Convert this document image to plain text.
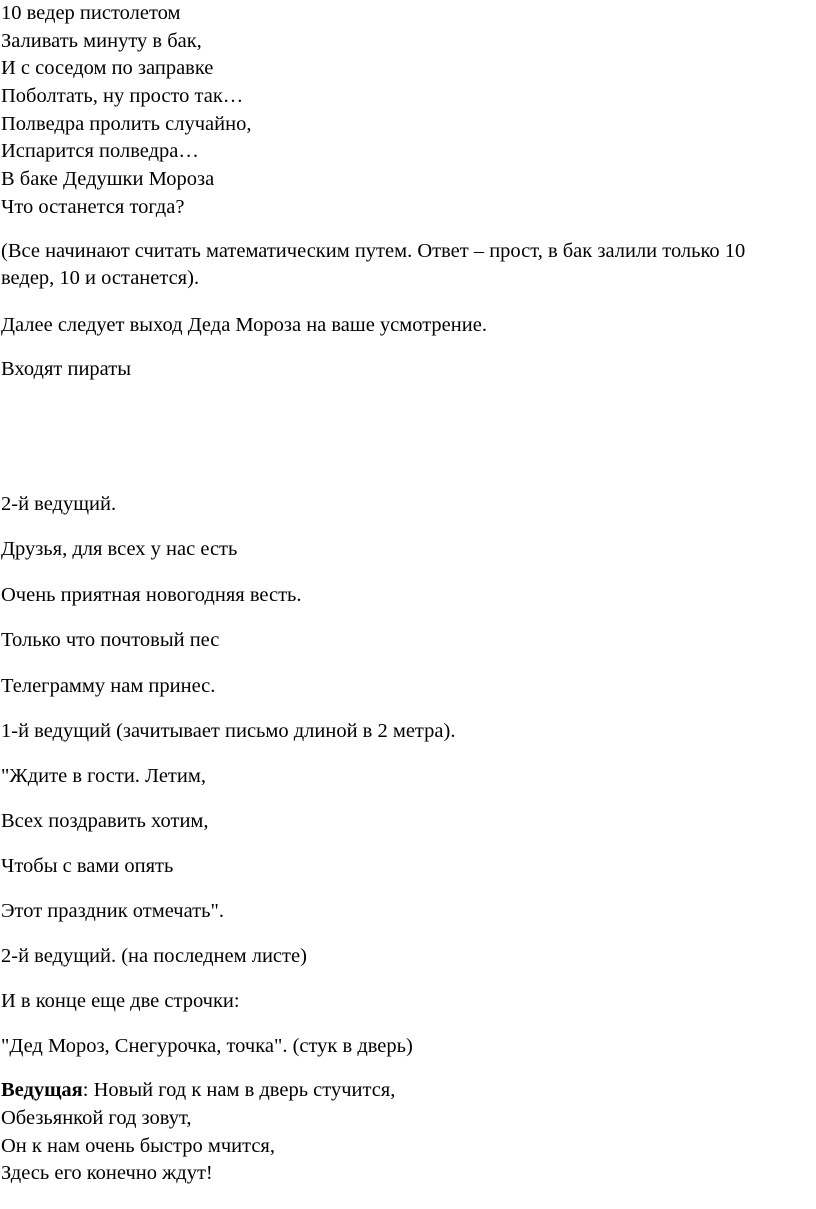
10 ведер пистолетом
Заливать минуту в бак,
И с соседом по заправке
Поболтать, ну просто так…
Полведра пролить случайно,
Испарится полведра…
В баке Дедушки Мороза
Что останется тогда?
(Все начинают считать математическим путем. Ответ – прост, в бак залили только 10
ведер, 10 и останется).
Далее следует выход Деда Мороза на ваше усмотрение.
Входят пираты
2-й ведущий.
Друзья, для всех у нас есть
Очень приятная новогодняя весть.
Только что почтовый пес
Телеграмму нам принес.
1-й ведущий (зачитывает письмо длиной в 2 метра).
"Ждите в гости. Летим,
Всех поздравить хотим,
Чтобы с вами опять
Этот праздник отмечать".
2-й ведущий. (на последнем листе)
И в конце еще две строчки:
"Дед Мороз, Снегурочка, точка". (стук в дверь)
Ведущая: Новый год к нам в дверь стучится,
Обезьянкой год зовут,
Он к нам очень быстро мчится,
Здесь его конечно ждут!
